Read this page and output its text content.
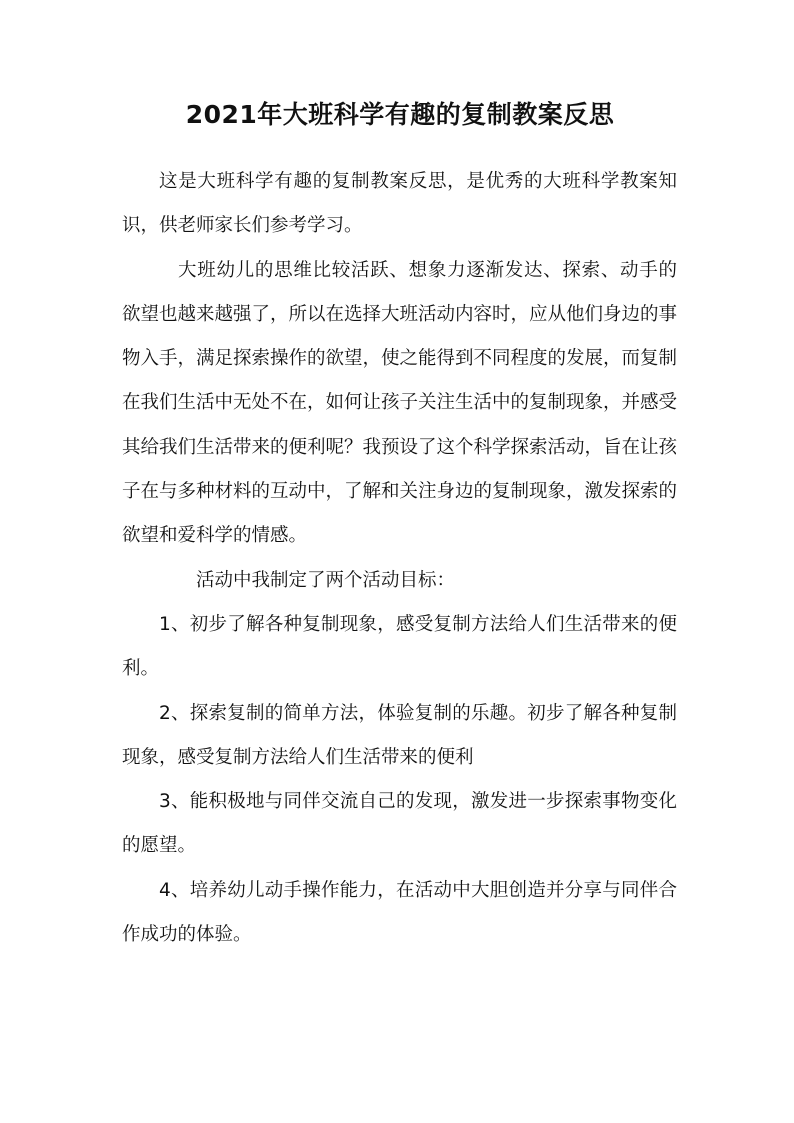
2021年大班科学有趣的复制教案反思

这是大班科学有趣的复制教案反思，是优秀的大班科学教案知识，供老师家长们参考学习。

大班幼儿的思维比较活跃、想象力逐渐发达、探索、动手的欲望也越来越强了，所以在选择大班活动内容时，应从他们身边的事物入手，满足探索操作的欲望，使之能得到不同程度的发展，而复制在我们生活中无处不在，如何让孩子关注生活中的复制现象，并感受其给我们生活带来的便利呢？我预设了这个科学探索活动，旨在让孩子在与多种材料的互动中，了解和关注身边的复制现象，激发探索的欲望和爱科学的情感。

活动中我制定了两个活动目标：

1、初步了解各种复制现象，感受复制方法给人们生活带来的便利。

2、探索复制的简单方法，体验复制的乐趣。初步了解各种复制现象，感受复制方法给人们生活带来的便利

3、能积极地与同伴交流自己的发现，激发进一步探索事物变化的愿望。

4、培养幼儿动手操作能力，在活动中大胆创造并分享与同伴合作成功的体验。
